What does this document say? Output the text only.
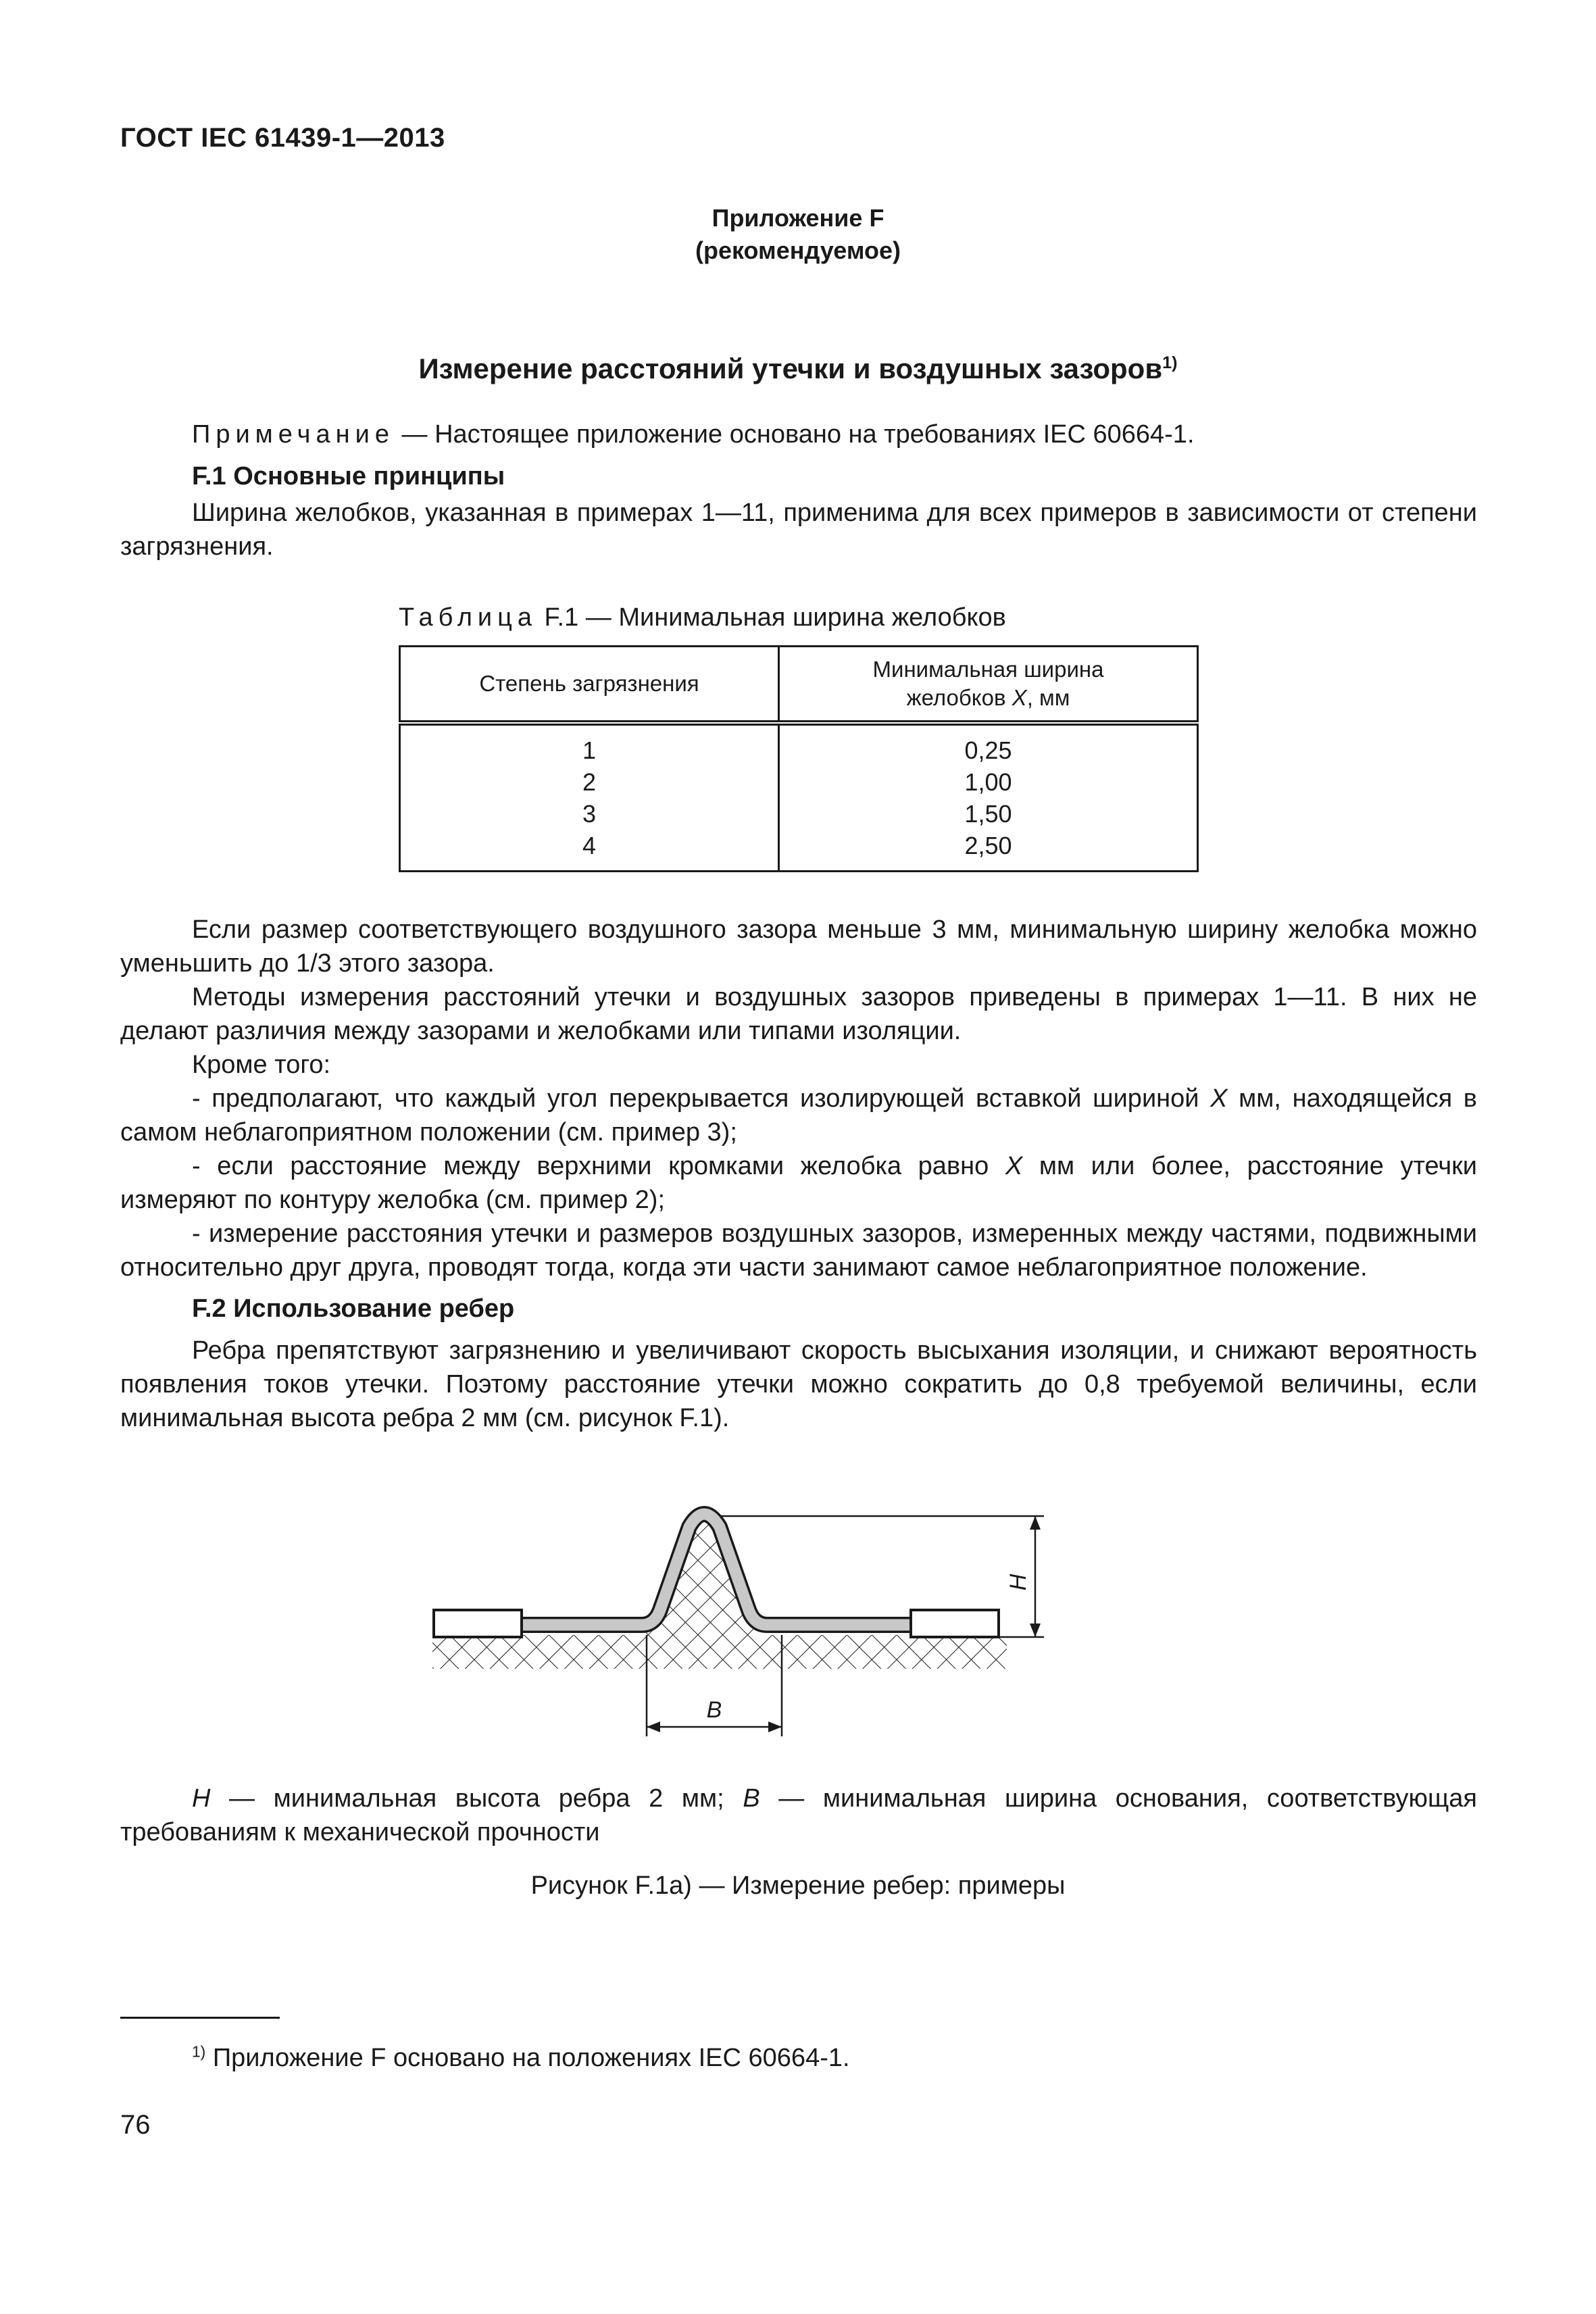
ГОСТ IEC 61439-1—2013
Приложение F
(рекомендуемое)
Измерение расстояний утечки и воздушных зазоров$^{1)}$
Примечание — Настоящее приложение основано на требованиях IEC 60664-1.
F.1 Основные принципы
Ширина желобков, указанная в примерах 1—11, применима для всех примеров в зависимости от степени загрязнения.
Таблица F.1 — Минимальная ширина желобков
Степень загрязнения	Минимальная ширина
желобков X, мм
1	0,25
2	1,00
3	1,50
4	2,50
Если размер соответствующего воздушного зазора меньше 3 мм, минимальную ширину желобка можно уменьшить до 1/3 этого зазора.
Методы измерения расстояний утечки и воздушных зазоров приведены в примерах 1—11. В них не делают различия между зазорами и желобками или типами изоляции.
Кроме того:
- предполагают, что каждый угол перекрывается изолирующей вставкой шириной X мм, находящейся в самом неблагоприятном положении (см. пример 3);
- если расстояние между верхними кромками желобка равно X мм или более, расстояние утечки измеряют по контуру желобка (см. пример 2);
- измерение расстояния утечки и размеров воздушных зазоров, измеренных между частями, подвижными относительно друг друга, проводят тогда, когда эти части занимают самое неблагоприятное положение.
F.2 Использование ребер
Ребра препятствуют загрязнению и увеличивают скорость высыхания изоляции, и снижают вероятность появления токов утечки. Поэтому расстояние утечки можно сократить до 0,8 требуемой величины, если минимальная высота ребра 2 мм (см. рисунок F.1).
H
B
H — минимальная высота ребра 2 мм; B — минимальная ширина основания, соответствующая требованиям к механической прочности
Рисунок F.1а) — Измерение ребер: примеры
$^{1)}$ Приложение F основано на положениях IEC 60664-1.
76
